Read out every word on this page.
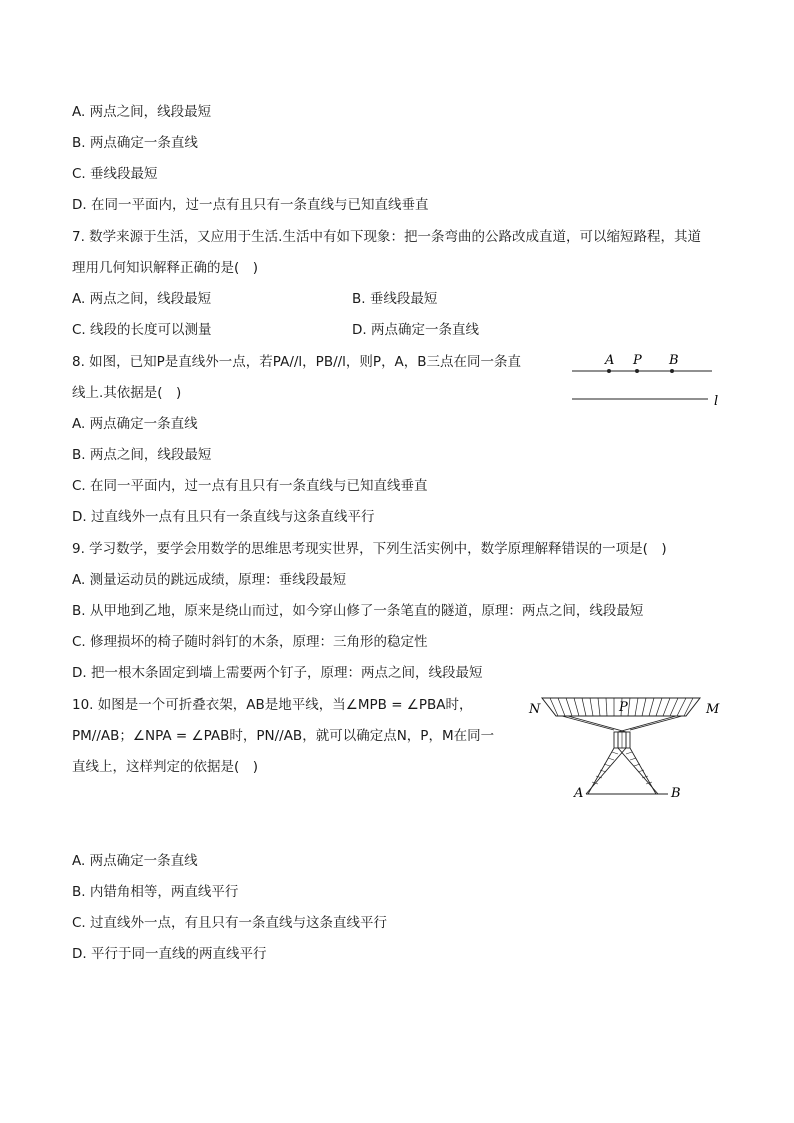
A. 两点之间，线段最短
B. 两点确定一条直线
C. 垂线段最短
D. 在同一平面内，过一点有且只有一条直线与已知直线垂直
7. 数学来源于生活，又应用于生活.生活中有如下现象：把一条弯曲的公路改成直道，可以缩短路程，其道
理用几何知识解释正确的是(　)
A. 两点之间，线段最短	B. 垂线段最短
C. 线段的长度可以测量	D. 两点确定一条直线
8. 如图，已知P是直线外一点，若PA//l，PB//l，则P，A，B三点在同一条直
线上.其依据是(　)
A P B
l
A. 两点确定一条直线
B. 两点之间，线段最短
C. 在同一平面内，过一点有且只有一条直线与已知直线垂直
D. 过直线外一点有且只有一条直线与这条直线平行
9. 学习数学，要学会用数学的思维思考现实世界，下列生活实例中，数学原理解释错误的一项是(　)
A. 测量运动员的跳远成绩，原理：垂线段最短
B. 从甲地到乙地，原来是绕山而过，如今穿山修了一条笔直的隧道，原理：两点之间，线段最短
C. 修理损坏的椅子随时斜钉的木条，原理：三角形的稳定性
D. 把一根木条固定到墙上需要两个钉子，原理：两点之间，线段最短
10. 如图是一个可折叠衣架，AB是地平线，当∠MPB = ∠PBA时，
PM//AB；∠NPA = ∠PAB时，PN//AB，就可以确定点N，P，M在同一
直线上，这样判定的依据是(　)
N	P	M
A	B
A. 两点确定一条直线
B. 内错角相等，两直线平行
C. 过直线外一点，有且只有一条直线与这条直线平行
D. 平行于同一直线的两直线平行
